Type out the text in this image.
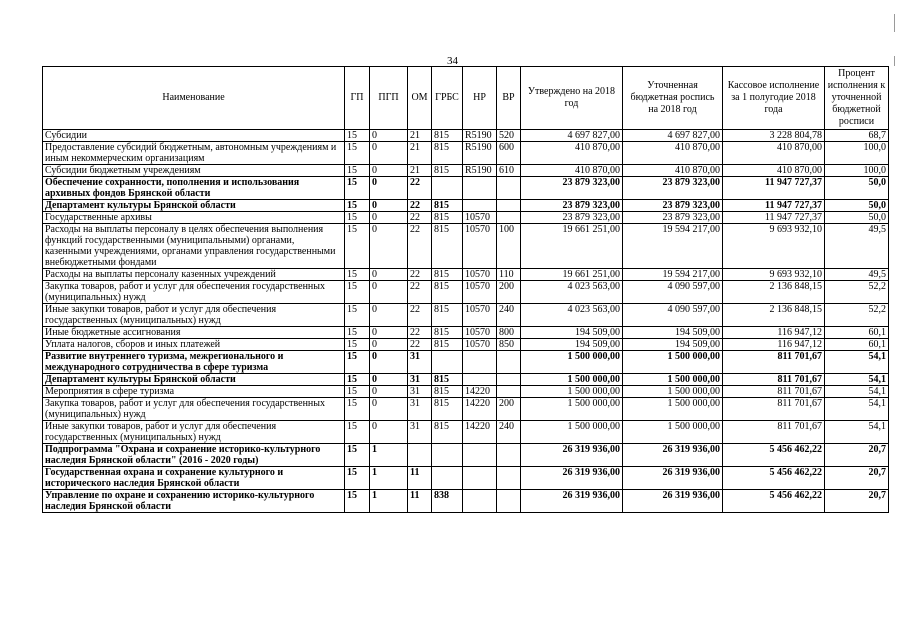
34
Наименование	ГП	ПГП	ОМ	ГРБС	НР	ВР	Утверждено на 2018 год	Уточненная бюджетная роспись на 2018 год	Кассовое исполнение за 1 полугодие 2018 года	Процент исполнения к уточненной бюджетной росписи
Субсидии	15	0	21	815	R5190	520	4 697 827,00	4 697 827,00	3 228 804,78	68,7
Предоставление субсидий бюджетным, автономным учреждениям и иным некоммерческим организациям	15	0	21	815	R5190	600	410 870,00	410 870,00	410 870,00	100,0
Субсидии бюджетным учреждениям	15	0	21	815	R5190	610	410 870,00	410 870,00	410 870,00	100,0
Обеспечение сохранности, пополнения и использования архивных фондов Брянской области	15	0	22				23 879 323,00	23 879 323,00	11 947 727,37	50,0
Департамент культуры Брянской области	15	0	22	815			23 879 323,00	23 879 323,00	11 947 727,37	50,0
Государственные архивы	15	0	22	815	10570		23 879 323,00	23 879 323,00	11 947 727,37	50,0
Расходы на выплаты персоналу в целях обеспечения выполнения функций государственными (муниципальными) органами, казенными учреждениями, органами управления государственными внебюджетными фондами	15	0	22	815	10570	100	19 661 251,00	19 594 217,00	9 693 932,10	49,5
Расходы на выплаты персоналу казенных учреждений	15	0	22	815	10570	110	19 661 251,00	19 594 217,00	9 693 932,10	49,5
Закупка товаров, работ и услуг для обеспечения государственных (муниципальных) нужд	15	0	22	815	10570	200	4 023 563,00	4 090 597,00	2 136 848,15	52,2
Иные закупки товаров, работ и услуг для обеспечения государственных (муниципальных) нужд	15	0	22	815	10570	240	4 023 563,00	4 090 597,00	2 136 848,15	52,2
Иные бюджетные ассигнования	15	0	22	815	10570	800	194 509,00	194 509,00	116 947,12	60,1
Уплата налогов, сборов и иных платежей	15	0	22	815	10570	850	194 509,00	194 509,00	116 947,12	60,1
Развитие внутреннего туризма, межрегионального и международного сотрудничества в сфере туризма	15	0	31				1 500 000,00	1 500 000,00	811 701,67	54,1
Департамент культуры Брянской области	15	0	31	815			1 500 000,00	1 500 000,00	811 701,67	54,1
Мероприятия в сфере туризма	15	0	31	815	14220		1 500 000,00	1 500 000,00	811 701,67	54,1
Закупка товаров, работ и услуг для обеспечения государственных (муниципальных) нужд	15	0	31	815	14220	200	1 500 000,00	1 500 000,00	811 701,67	54,1
Иные закупки товаров, работ и услуг для обеспечения государственных (муниципальных) нужд	15	0	31	815	14220	240	1 500 000,00	1 500 000,00	811 701,67	54,1
Подпрограмма "Охрана и сохранение историко-культурного наследия Брянской области" (2016 - 2020 годы)	15	1					26 319 936,00	26 319 936,00	5 456 462,22	20,7
Государственная охрана и сохранение культурного и исторического наследия Брянской области	15	1	11				26 319 936,00	26 319 936,00	5 456 462,22	20,7
Управление по охране и сохранению историко-культурного наследия Брянской области	15	1	11	838			26 319 936,00	26 319 936,00	5 456 462,22	20,7
